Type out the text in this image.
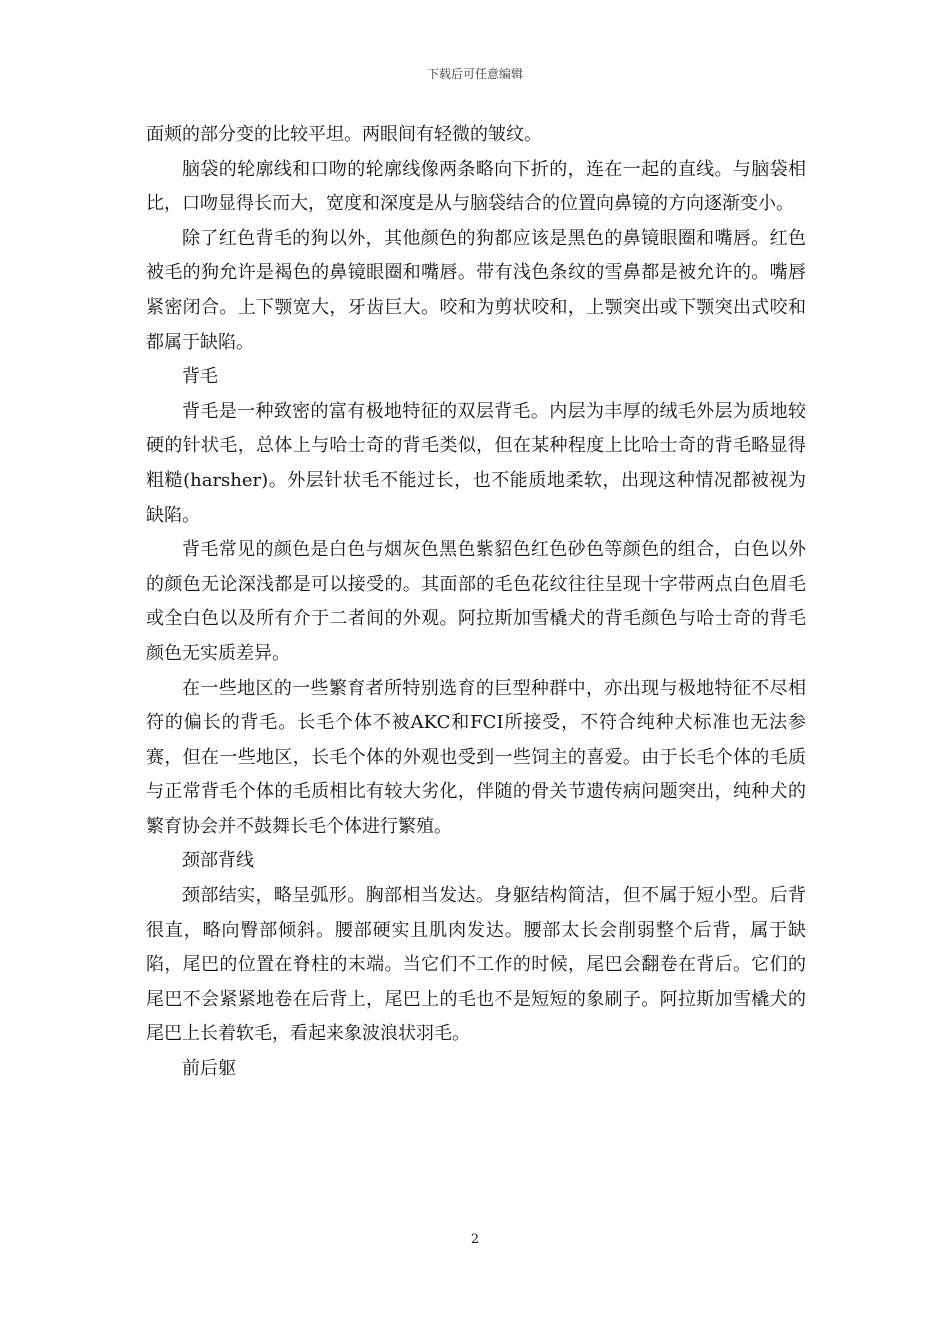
下载后可任意编辑

面颊的部分变的比较平坦。两眼间有轻微的皱纹。

脑袋的轮廓线和口吻的轮廓线像两条略向下折的，连在一起的直线。与脑袋相比，口吻显得长而大，宽度和深度是从与脑袋结合的位置向鼻镜的方向逐渐变小。

除了红色背毛的狗以外，其他颜色的狗都应该是黑色的鼻镜眼圈和嘴唇。红色被毛的狗允许是褐色的鼻镜眼圈和嘴唇。带有浅色条纹的雪鼻都是被允许的。嘴唇紧密闭合。上下颚宽大，牙齿巨大。咬和为剪状咬和，上颚突出或下颚突出式咬和都属于缺陷。

背毛

背毛是一种致密的富有极地特征的双层背毛。内层为丰厚的绒毛外层为质地较硬的针状毛，总体上与哈士奇的背毛类似，但在某种程度上比哈士奇的背毛略显得粗糙(harsher)。外层针状毛不能过长，也不能质地柔软，出现这种情况都被视为缺陷。

背毛常见的颜色是白色与烟灰色黑色紫貂色红色砂色等颜色的组合，白色以外的颜色无论深浅都是可以接受的。其面部的毛色花纹往往呈现十字带两点白色眉毛或全白色以及所有介于二者间的外观。阿拉斯加雪橇犬的背毛颜色与哈士奇的背毛颜色无实质差异。

在一些地区的一些繁育者所特别选育的巨型种群中，亦出现与极地特征不尽相符的偏长的背毛。长毛个体不被AKC和FCI所接受，不符合纯种犬标准也无法参赛，但在一些地区，长毛个体的外观也受到一些饲主的喜爱。由于长毛个体的毛质与正常背毛个体的毛质相比有较大劣化，伴随的骨关节遗传病问题突出，纯种犬的繁育协会并不鼓舞长毛个体进行繁殖。

颈部背线

颈部结实，略呈弧形。胸部相当发达。身躯结构简洁，但不属于短小型。后背很直，略向臀部倾斜。腰部硬实且肌肉发达。腰部太长会削弱整个后背，属于缺陷，尾巴的位置在脊柱的末端。当它们不工作的时候，尾巴会翻卷在背后。它们的尾巴不会紧紧地卷在后背上，尾巴上的毛也不是短短的象刷子。阿拉斯加雪橇犬的尾巴上长着软毛，看起来象波浪状羽毛。

前后躯

2
